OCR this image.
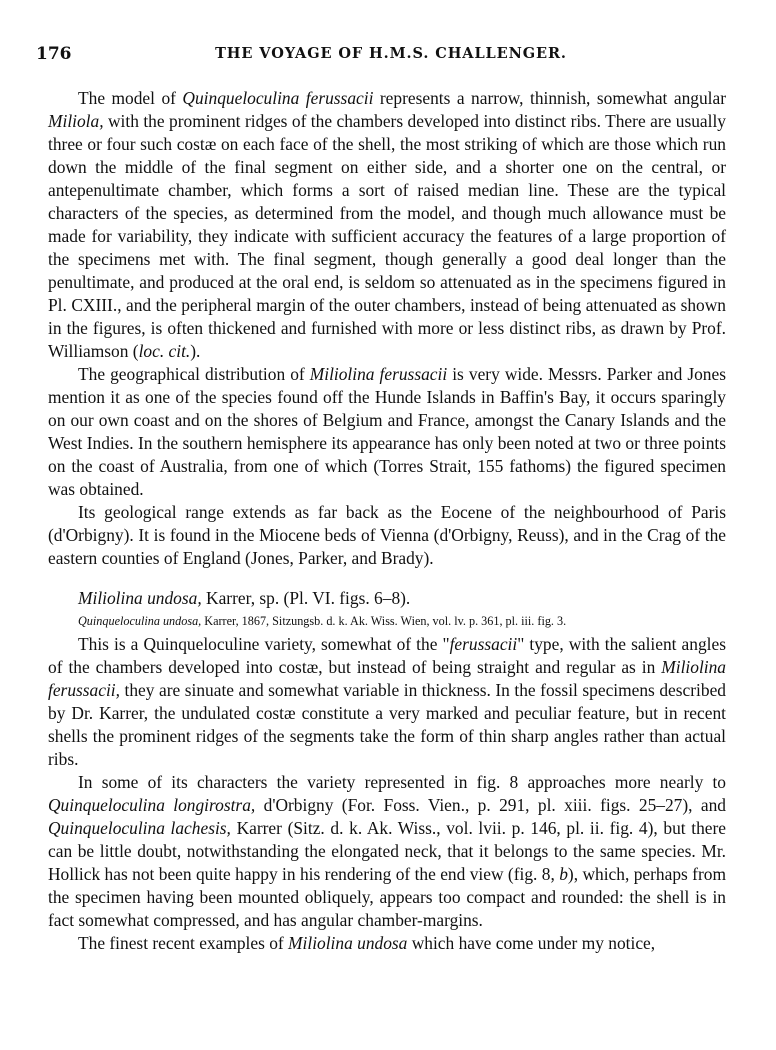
176	THE VOYAGE OF H.M.S. CHALLENGER.

The model of Quinqueloculina ferussacii represents a narrow, thinnish, somewhat angular Miliola, with the prominent ridges of the chambers developed into distinct ribs. There are usually three or four such costæ on each face of the shell, the most striking of which are those which run down the middle of the final segment on either side, and a shorter one on the central, or antepenultimate chamber, which forms a sort of raised median line. These are the typical characters of the species, as determined from the model, and though much allowance must be made for variability, they indicate with sufficient accuracy the features of a large proportion of the specimens met with. The final segment, though generally a good deal longer than the penultimate, and produced at the oral end, is seldom so attenuated as in the specimens figured in Pl. CXIII., and the peripheral margin of the outer chambers, instead of being attenuated as shown in the figures, is often thickened and furnished with more or less distinct ribs, as drawn by Prof. Williamson (loc. cit.).

The geographical distribution of Miliolina ferussacii is very wide. Messrs. Parker and Jones mention it as one of the species found off the Hunde Islands in Baffin's Bay, it occurs sparingly on our own coast and on the shores of Belgium and France, amongst the Canary Islands and the West Indies. In the southern hemisphere its appearance has only been noted at two or three points on the coast of Australia, from one of which (Torres Strait, 155 fathoms) the figured specimen was obtained.

Its geological range extends as far back as the Eocene of the neighbourhood of Paris (d'Orbigny). It is found in the Miocene beds of Vienna (d'Orbigny, Reuss), and in the Crag of the eastern counties of England (Jones, Parker, and Brady).

Miliolina undosa, Karrer, sp. (Pl. VI. figs. 6–8).

Quinqueloculina undosa, Karrer, 1867, Sitzungsb. d. k. Ak. Wiss. Wien, vol. lv. p. 361, pl. iii. fig. 3.

This is a Quinqueloculine variety, somewhat of the "ferussacii" type, with the salient angles of the chambers developed into costæ, but instead of being straight and regular as in Miliolina ferussacii, they are sinuate and somewhat variable in thickness. In the fossil specimens described by Dr. Karrer, the undulated costæ constitute a very marked and peculiar feature, but in recent shells the prominent ridges of the segments take the form of thin sharp angles rather than actual ribs.

In some of its characters the variety represented in fig. 8 approaches more nearly to Quinqueloculina longirostra, d'Orbigny (For. Foss. Vien., p. 291, pl. xiii. figs. 25–27), and Quinqueloculina lachesis, Karrer (Sitz. d. k. Ak. Wiss., vol. lvii. p. 146, pl. ii. fig. 4), but there can be little doubt, notwithstanding the elongated neck, that it belongs to the same species. Mr. Hollick has not been quite happy in his rendering of the end view (fig. 8, b), which, perhaps from the specimen having been mounted obliquely, appears too compact and rounded: the shell is in fact somewhat compressed, and has angular chamber-margins.

The finest recent examples of Miliolina undosa which have come under my notice,
